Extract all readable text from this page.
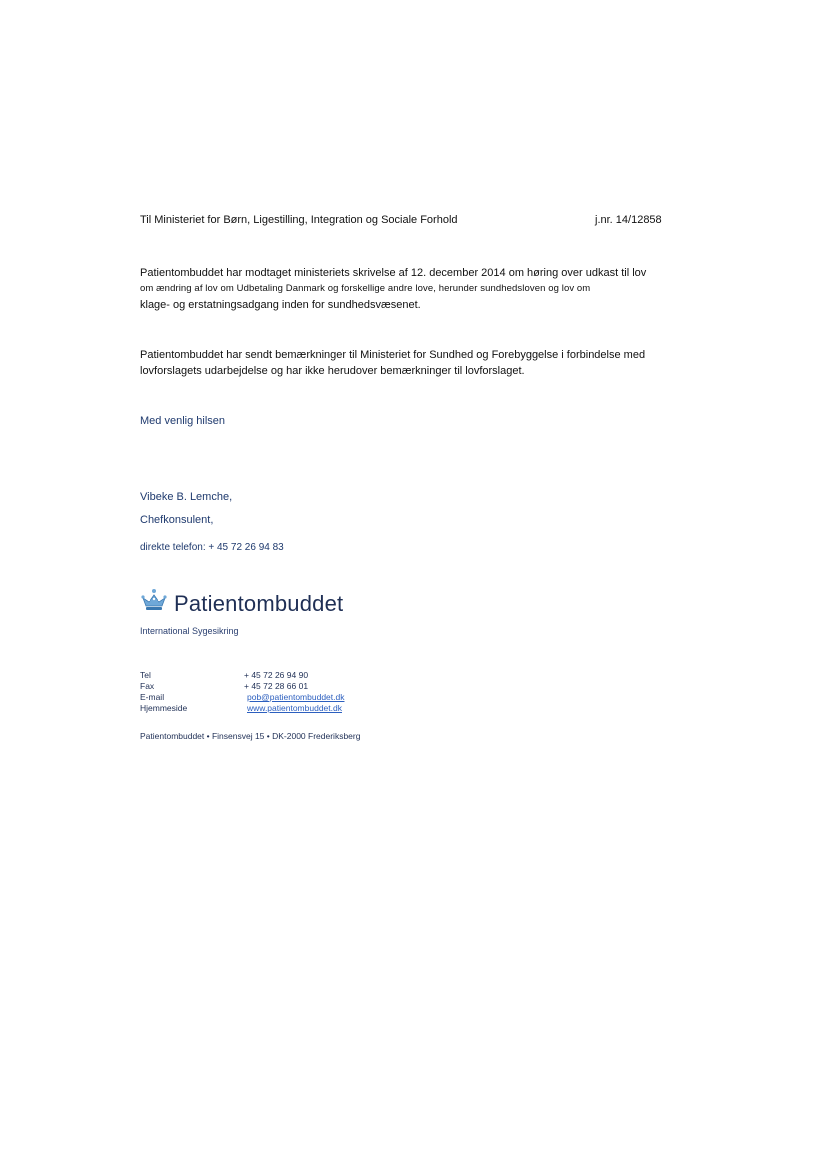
Til Ministeriet for Børn, Ligestilling, Integration og Sociale Forhold	j.nr. 14/12858
Patientombuddet har modtaget ministeriets skrivelse af 12. december 2014 om høring over udkast til lov
om ændring af lov om Udbetaling Danmark og forskellige andre love, herunder sundhedsloven og lov om
klage- og erstatningsadgang inden for sundhedsvæsenet.
Patientombuddet har sendt bemærkninger til Ministeriet for Sundhed og Forebyggelse i forbindelse med
lovforslagets udarbejdelse og har ikke herudover bemærkninger til lovforslaget.
Med venlig hilsen
Vibeke B. Lemche,
Chefkonsulent,
direkte telefon: + 45 72 26 94 83
Patientombuddet
International Sygesikring
Tel	+ 45 72 26 94 90
Fax	+ 45 72 28 66 01
E-mail	pob@patientombuddet.dk
Hjemmeside	www.patientombuddet.dk
Patientombuddet • Finsensvej 15 • DK-2000 Frederiksberg
